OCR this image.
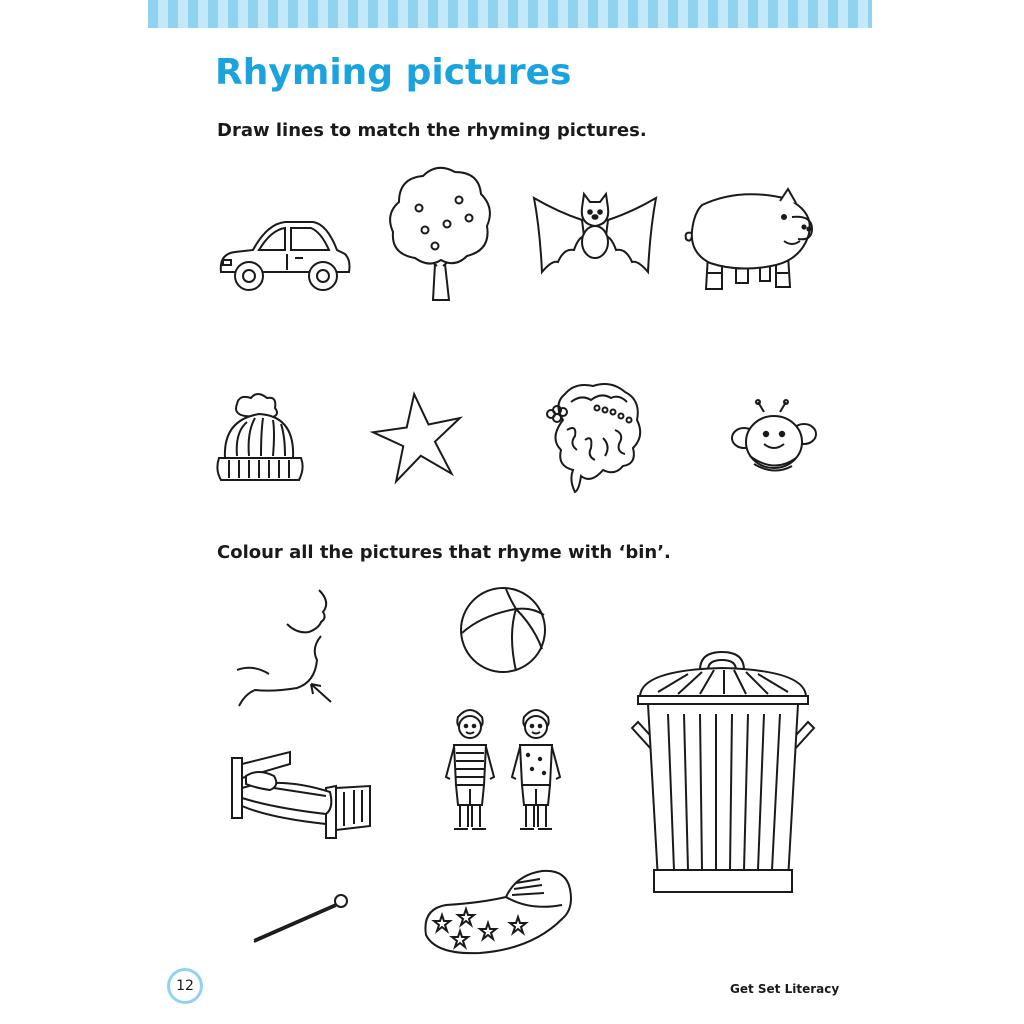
Rhyming pictures

Draw lines to match the rhyming pictures.

Colour all the pictures that rhyme with ‘bin’.

12	Get Set Literacy
